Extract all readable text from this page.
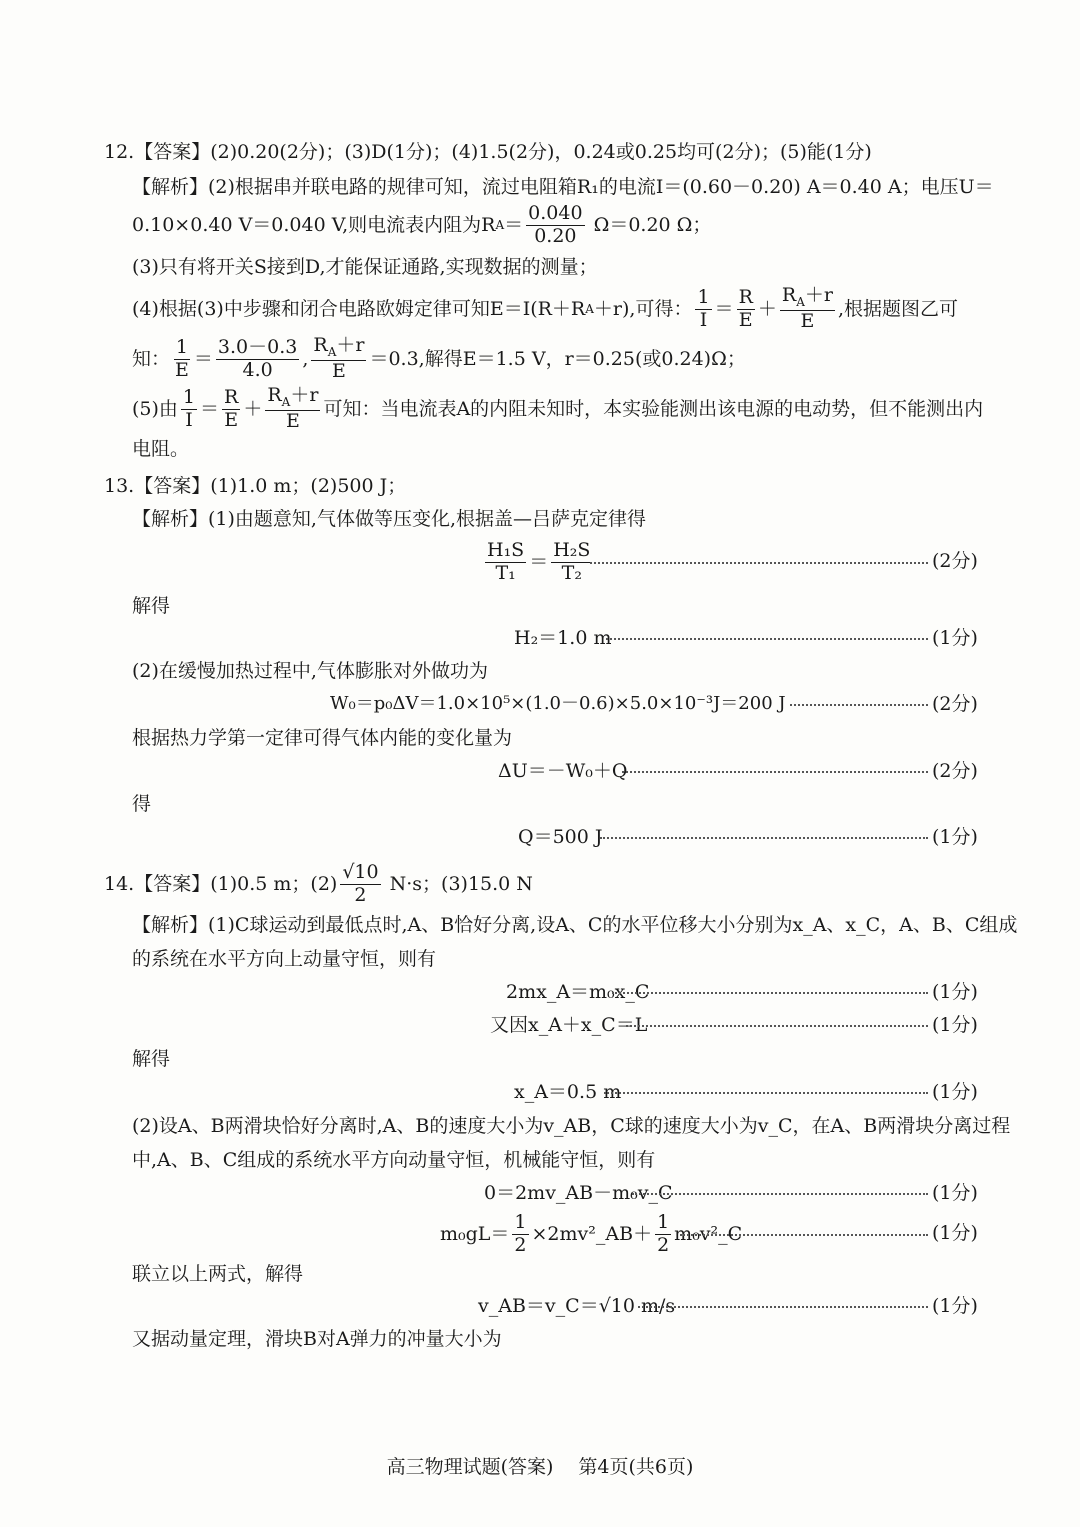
12.【答案】(2)0.20(2分)；(3)D(1分)；(4)1.5(2分)，0.24或0.25均可(2分)；(5)能(1分)
【解析】(2)根据串并联电路的规律可知，流过电阻箱R₁的电流I＝(0.60－0.20) A＝0.40 A；电压U＝
0.10×0.40 V＝0.040 V,则电流表内阻为R $A = \frac{0.040}{0.20} \Omega=0.20$ Ω；
(3)只有将开关S接到D,才能保证通路,实现数据的测量；
(4)根据(3)中步骤和闭合电路欧姆定律可知E＝I(R＋R A ＋r),可得： $\frac{1}{I} = \frac{R}{E} + \frac{R_A+r}{E}$ ,根据题图乙可
知： $\frac{1}{E} = \frac{3.0-0.3}{4.0}$ , $\frac{R_A+r}{E} =0.3$,解得E＝1.5 V，r＝0.25(或0.24)Ω；
(5)由 $\frac{1}{I} = \frac{R}{E} + \frac{R_A+r}{E}$ 可知：当电流表A的内阻未知时，本实验能测出该电源的电动势，但不能测出内
电阻。
13.【答案】(1)1.0 m；(2)500 J；
【解析】(1)由题意知,气体做等压变化,根据盖—吕萨克定律得
$\frac{\text{H₁S}}{\text{T₁}} = \frac{\text{H₂S}}{\text{T₂}}$	(2分)
解得
H₂＝1.0 m	(1分)
(2)在缓慢加热过程中,气体膨胀对外做功为
W₀＝p₀ΔV＝1.0×10⁵×(1.0－0.6)×5.0×10⁻³J＝200 J	(2分)
根据热力学第一定律可得气体内能的变化量为
ΔU＝－W₀＋Q	(2分)
得
Q＝500 J	(1分)
14.【答案】(1)0.5 m；$(2) \frac{√10}{2} N\cdot s$；(3)15.0 N
【解析】(1)C球运动到最低点时,A、B恰好分离,设A、C的水平位移大小分别为x_A、x_C，A、B、C组成
的系统在水平方向上动量守恒，则有
2mx_A＝m₀x_C	(1分)
又因x_A＋x_C＝L	(1分)
解得
x_A＝0.5 m	(1分)
(2)设A、B两滑块恰好分离时,A、B的速度大小为v_AB，C球的速度大小为v_C，在A、B两滑块分离过程
中,A、B、C组成的系统水平方向动量守恒，机械能守恒，则有
0＝2mv_AB－m₀v_C	(1分)
$m_0gL= \frac{1}{2}$ ×2mv²_AB＋ $\frac{1}{2}$ m₀v²_C	(1分)
联立以上两式，解得
v_AB＝v_C＝√10 m/s	(1分)
又据动量定理，滑块B对A弹力的冲量大小为
高三物理试题(答案)　 第4页(共6页)
